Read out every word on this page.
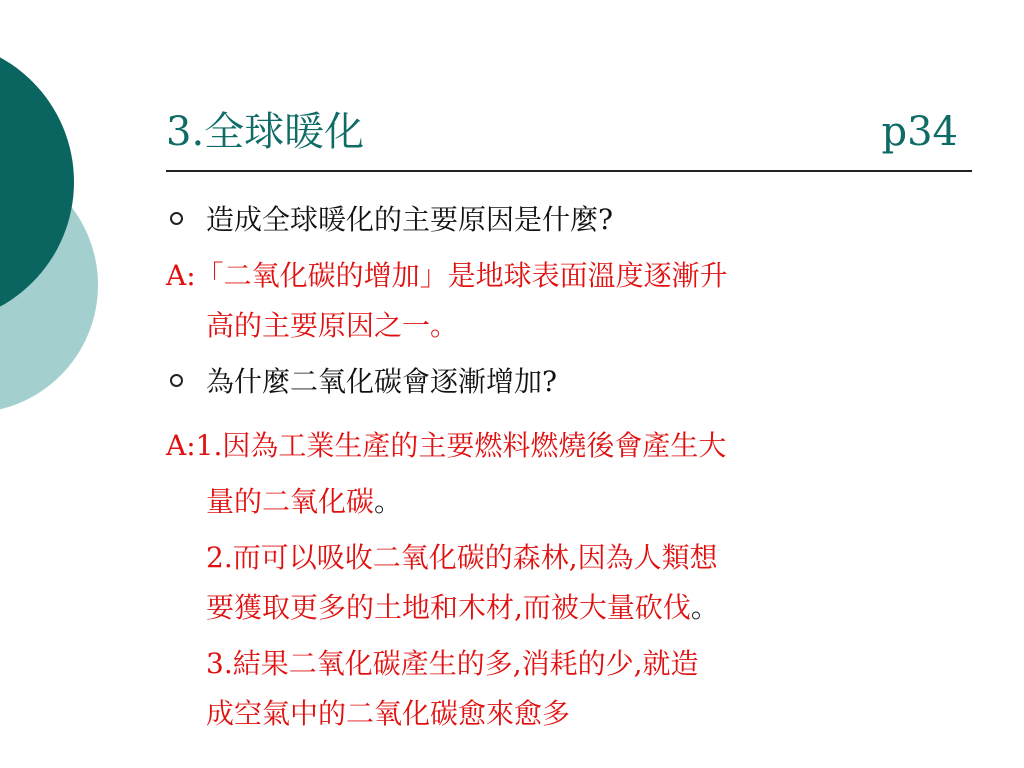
3.全球暖化	p34
造成全球暖化的主要原因是什麼?
A:「二氧化碳的增加」是地球表面溫度逐漸升
高的主要原因之一。
為什麼二氧化碳會逐漸增加?
A:1.因為工業生產的主要燃料燃燒後會產生大
量的二氧化碳。
2.而可以吸收二氧化碳的森林,因為人類想
要獲取更多的土地和木材,而被大量砍伐。
3.結果二氧化碳產生的多,消耗的少,就造
成空氣中的二氧化碳愈來愈多
